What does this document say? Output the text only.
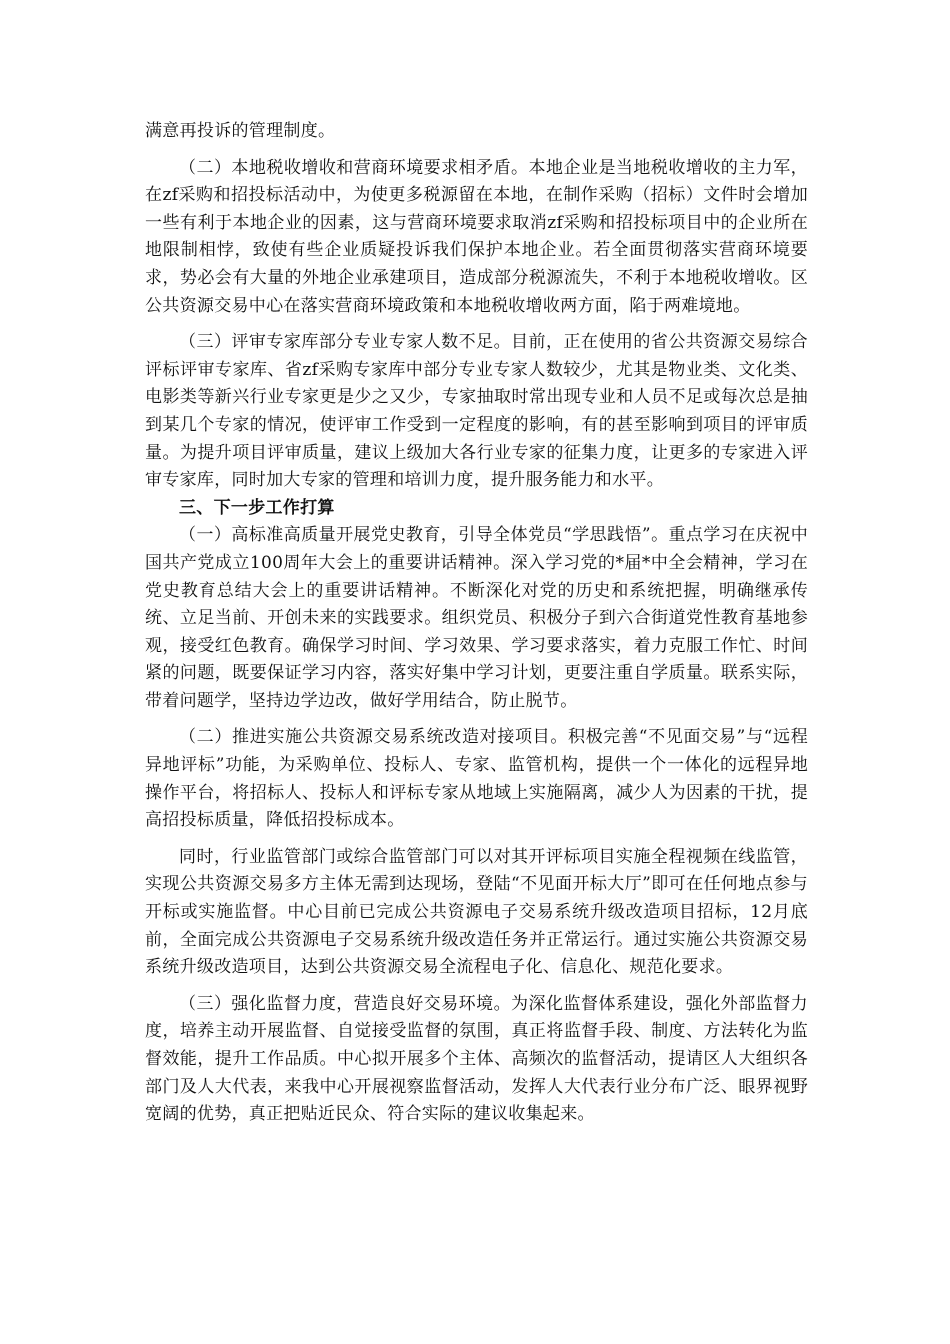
满意再投诉的管理制度。

（二）本地税收增收和营商环境要求相矛盾。本地企业是当地税收增收的主力军，在zf采购和招投标活动中，为使更多税源留在本地，在制作采购（招标）文件时会增加一些有利于本地企业的因素，这与营商环境要求取消zf采购和招投标项目中的企业所在地限制相悖，致使有些企业质疑投诉我们保护本地企业。若全面贯彻落实营商环境要求，势必会有大量的外地企业承建项目，造成部分税源流失，不利于本地税收增收。区公共资源交易中心在落实营商环境政策和本地税收增收两方面，陷于两难境地。

（三）评审专家库部分专业专家人数不足。目前，正在使用的省公共资源交易综合评标评审专家库、省zf采购专家库中部分专业专家人数较少，尤其是物业类、文化类、电影类等新兴行业专家更是少之又少，专家抽取时常出现专业和人员不足或每次总是抽到某几个专家的情况，使评审工作受到一定程度的影响，有的甚至影响到项目的评审质量。为提升项目评审质量，建议上级加大各行业专家的征集力度，让更多的专家进入评审专家库，同时加大专家的管理和培训力度，提升服务能力和水平。

三、下一步工作打算

（一）高标准高质量开展党史教育，引导全体党员“学思践悟”。重点学习在庆祝中国共产党成立100周年大会上的重要讲话精神。深入学习党的*届*中全会精神，学习在党史教育总结大会上的重要讲话精神。不断深化对党的历史和系统把握，明确继承传统、立足当前、开创未来的实践要求。组织党员、积极分子到六合街道党性教育基地参观，接受红色教育。确保学习时间、学习效果、学习要求落实，着力克服工作忙、时间紧的问题，既要保证学习内容，落实好集中学习计划，更要注重自学质量。联系实际，带着问题学，坚持边学边改，做好学用结合，防止脱节。

（二）推进实施公共资源交易系统改造对接项目。积极完善“不见面交易”与“远程异地评标”功能，为采购单位、投标人、专家、监管机构，提供一个一体化的远程异地操作平台，将招标人、投标人和评标专家从地域上实施隔离，减少人为因素的干扰，提高招投标质量，降低招投标成本。

同时，行业监管部门或综合监管部门可以对其开评标项目实施全程视频在线监管，实现公共资源交易多方主体无需到达现场，登陆“不见面开标大厅”即可在任何地点参与开标或实施监督。中心目前已完成公共资源电子交易系统升级改造项目招标，12月底前，全面完成公共资源电子交易系统升级改造任务并正常运行。通过实施公共资源交易系统升级改造项目，达到公共资源交易全流程电子化、信息化、规范化要求。

（三）强化监督力度，营造良好交易环境。为深化监督体系建设，强化外部监督力度，培养主动开展监督、自觉接受监督的氛围，真正将监督手段、制度、方法转化为监督效能，提升工作品质。中心拟开展多个主体、高频次的监督活动，提请区人大组织各部门及人大代表，来我中心开展视察监督活动，发挥人大代表行业分布广泛、眼界视野宽阔的优势，真正把贴近民众、符合实际的建议收集起来。
